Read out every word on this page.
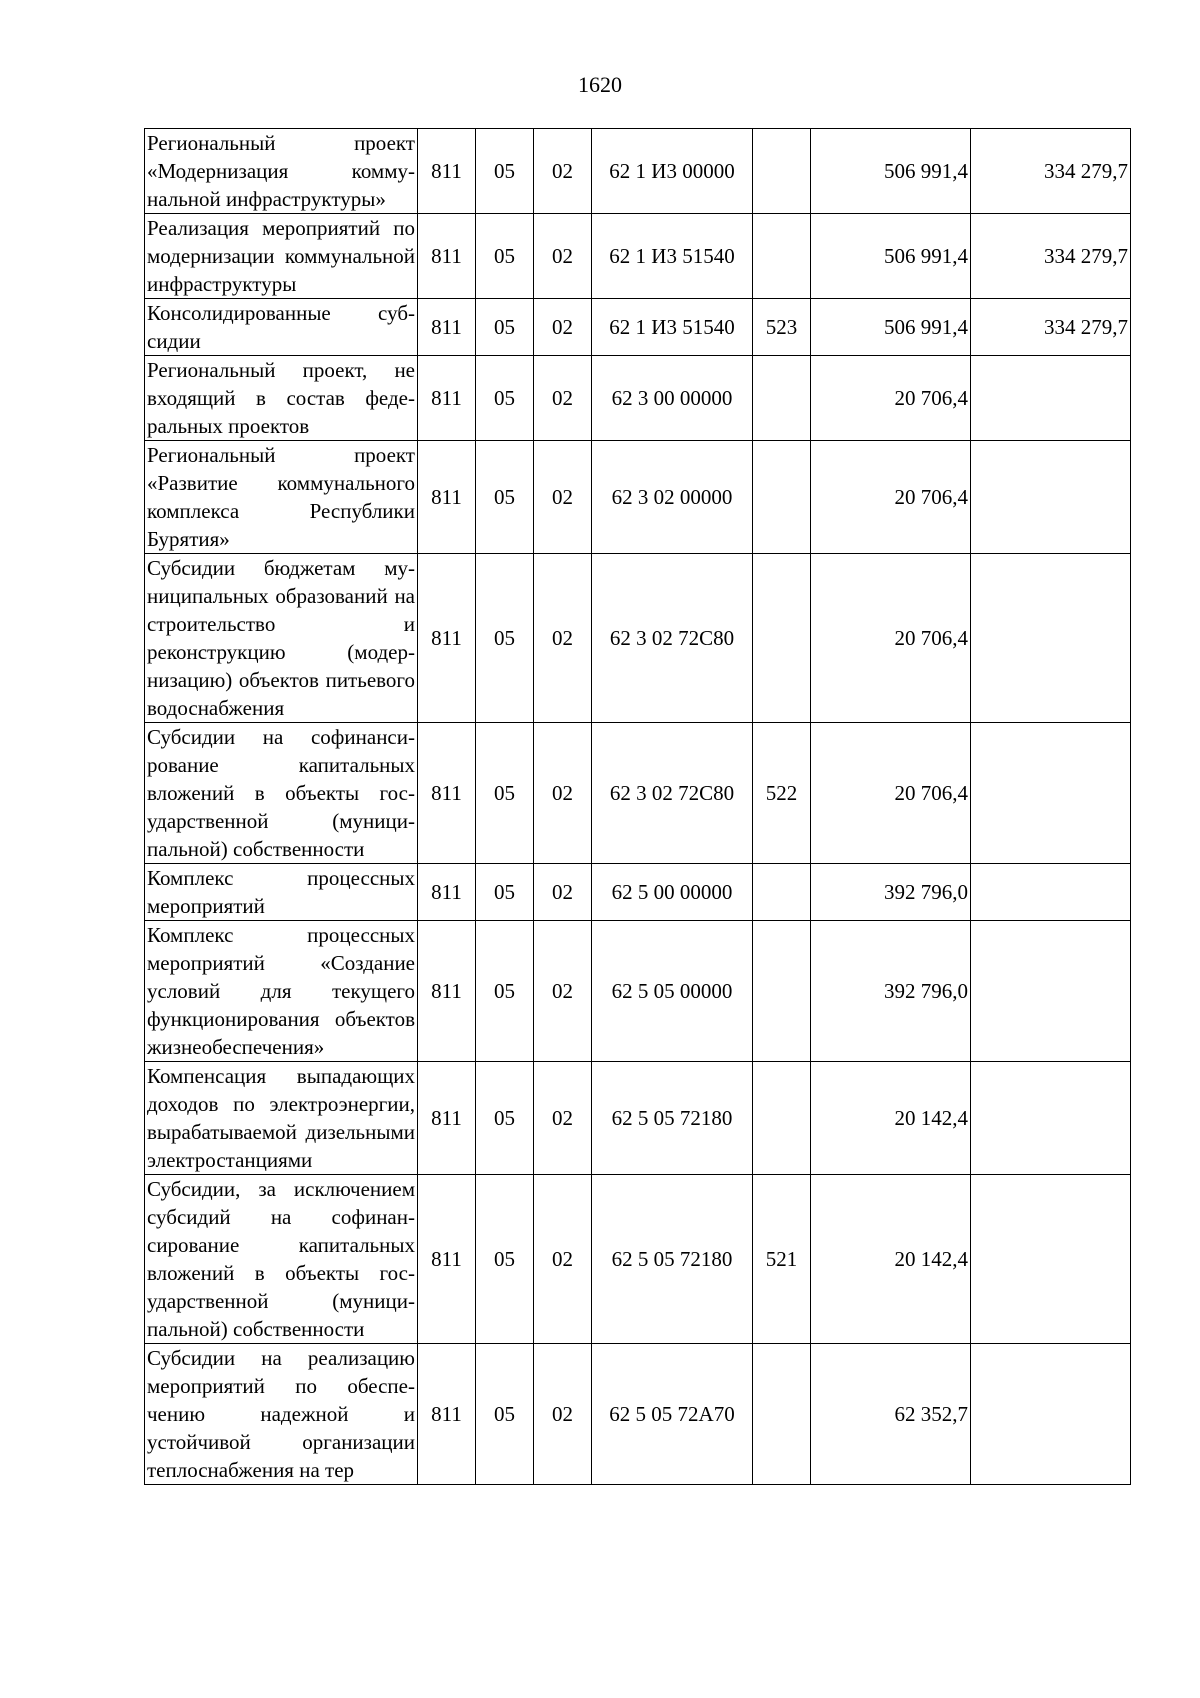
1620
Региональный проект «Модернизация коммунальной инфраструктуры»	811	05	02	62 1 И3 00000		506 991,4	334 279,7
Реализация мероприятий по модернизации коммунальной инфраструктуры	811	05	02	62 1 И3 51540		506 991,4	334 279,7
Консолидированные субсидии	811	05	02	62 1 И3 51540	523	506 991,4	334 279,7
Региональный проект, не входящий в состав федеральных проектов	811	05	02	62 3 00 00000		20 706,4	
Региональный проект «Развитие коммунального комплекса Республики Бурятия»	811	05	02	62 3 02 00000		20 706,4	
Субсидии бюджетам муниципальных образований на строительство и реконструкцию (модернизацию) объектов питьевого водоснабжения	811	05	02	62 3 02 72С80		20 706,4	
Субсидии на софинансирование капитальных вложений в объекты государственной (муниципальной) собственности	811	05	02	62 3 02 72С80	522	20 706,4	
Комплекс процессных мероприятий	811	05	02	62 5 00 00000		392 796,0	
Комплекс процессных мероприятий «Создание условий для текущего функционирования объектов жизнеобеспечения»	811	05	02	62 5 05 00000		392 796,0	
Компенсация выпадающих доходов по электроэнергии, вырабатываемой дизельными электростанциями	811	05	02	62 5 05 72180		20 142,4	
Субсидии, за исключением субсидий на софинансирование капитальных вложений в объекты государственной (муниципальной) собственности	811	05	02	62 5 05 72180	521	20 142,4	
Субсидии на реализацию мероприятий по обеспечению надежной и устойчивой организации теплоснабжения на тер	811	05	02	62 5 05 72А70		62 352,7	
